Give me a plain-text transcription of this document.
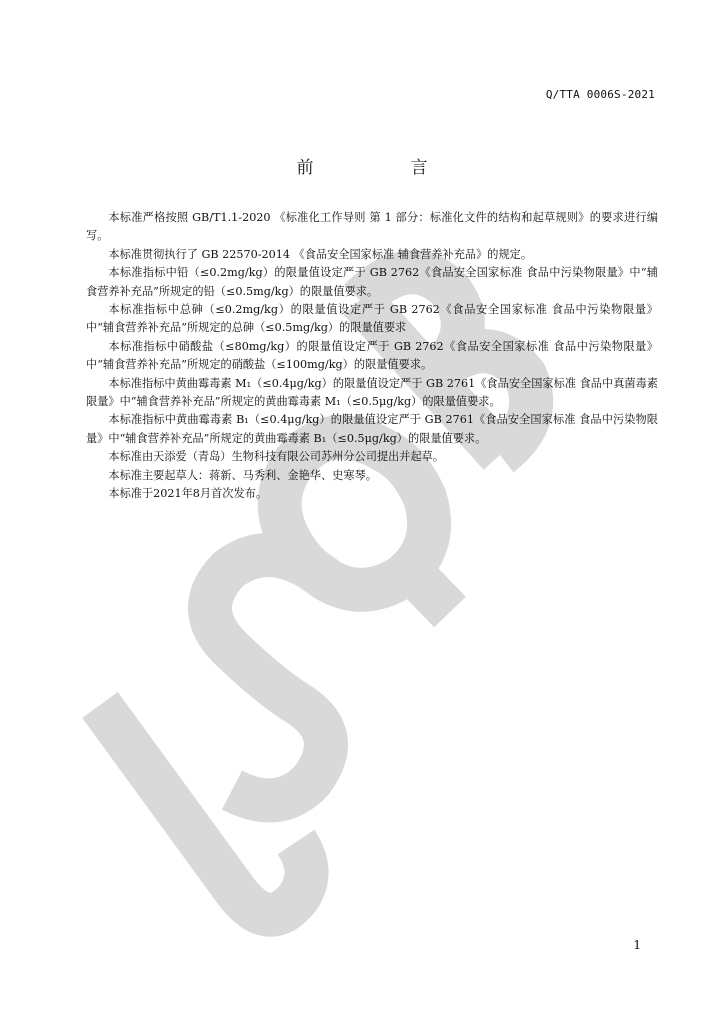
Q/TTA 0006S-2021
前　言

本标准严格按照 GB/T1.1-2020 《标准化工作导则 第 1 部分：标准化文件的结构和起草规则》的要求进行编写。

本标准贯彻执行了 GB 22570-2014 《食品安全国家标准 辅食营养补充品》的规定。

本标准指标中铅（≤0.2mg/kg）的限量值设定严于 GB 2762《食品安全国家标准 食品中污染物限量》中“辅食营养补充品”所规定的铅（≤0.5mg/kg）的限量值要求。

本标准指标中总砷（≤0.2mg/kg）的限量值设定严于 GB 2762《食品安全国家标准 食品中污染物限量》中“辅食营养补充品”所规定的总砷（≤0.5mg/kg）的限量值要求

本标准指标中硝酸盐（≤80mg/kg）的限量值设定严于 GB 2762《食品安全国家标准 食品中污染物限量》中“辅食营养补充品”所规定的硝酸盐（≤100mg/kg）的限量值要求。

本标准指标中黄曲霉毒素 M₁（≤0.4μg/kg）的限量值设定严于 GB 2761《食品安全国家标准 食品中真菌毒素限量》中“辅食营养补充品”所规定的黄曲霉毒素 M₁（≤0.5μg/kg）的限量值要求。

本标准指标中黄曲霉毒素 B₁（≤0.4μg/kg）的限量值设定严于 GB 2761《食品安全国家标准 食品中污染物限量》中“辅食营养补充品”所规定的黄曲霉毒素 B₁（≤0.5μg/kg）的限量值要求。

本标准由天添爱（青岛）生物科技有限公司苏州分公司提出并起草。

本标准主要起草人：蒋新、马秀利、金艳华、史寒琴。

本标准于2021年8月首次发布。

1
